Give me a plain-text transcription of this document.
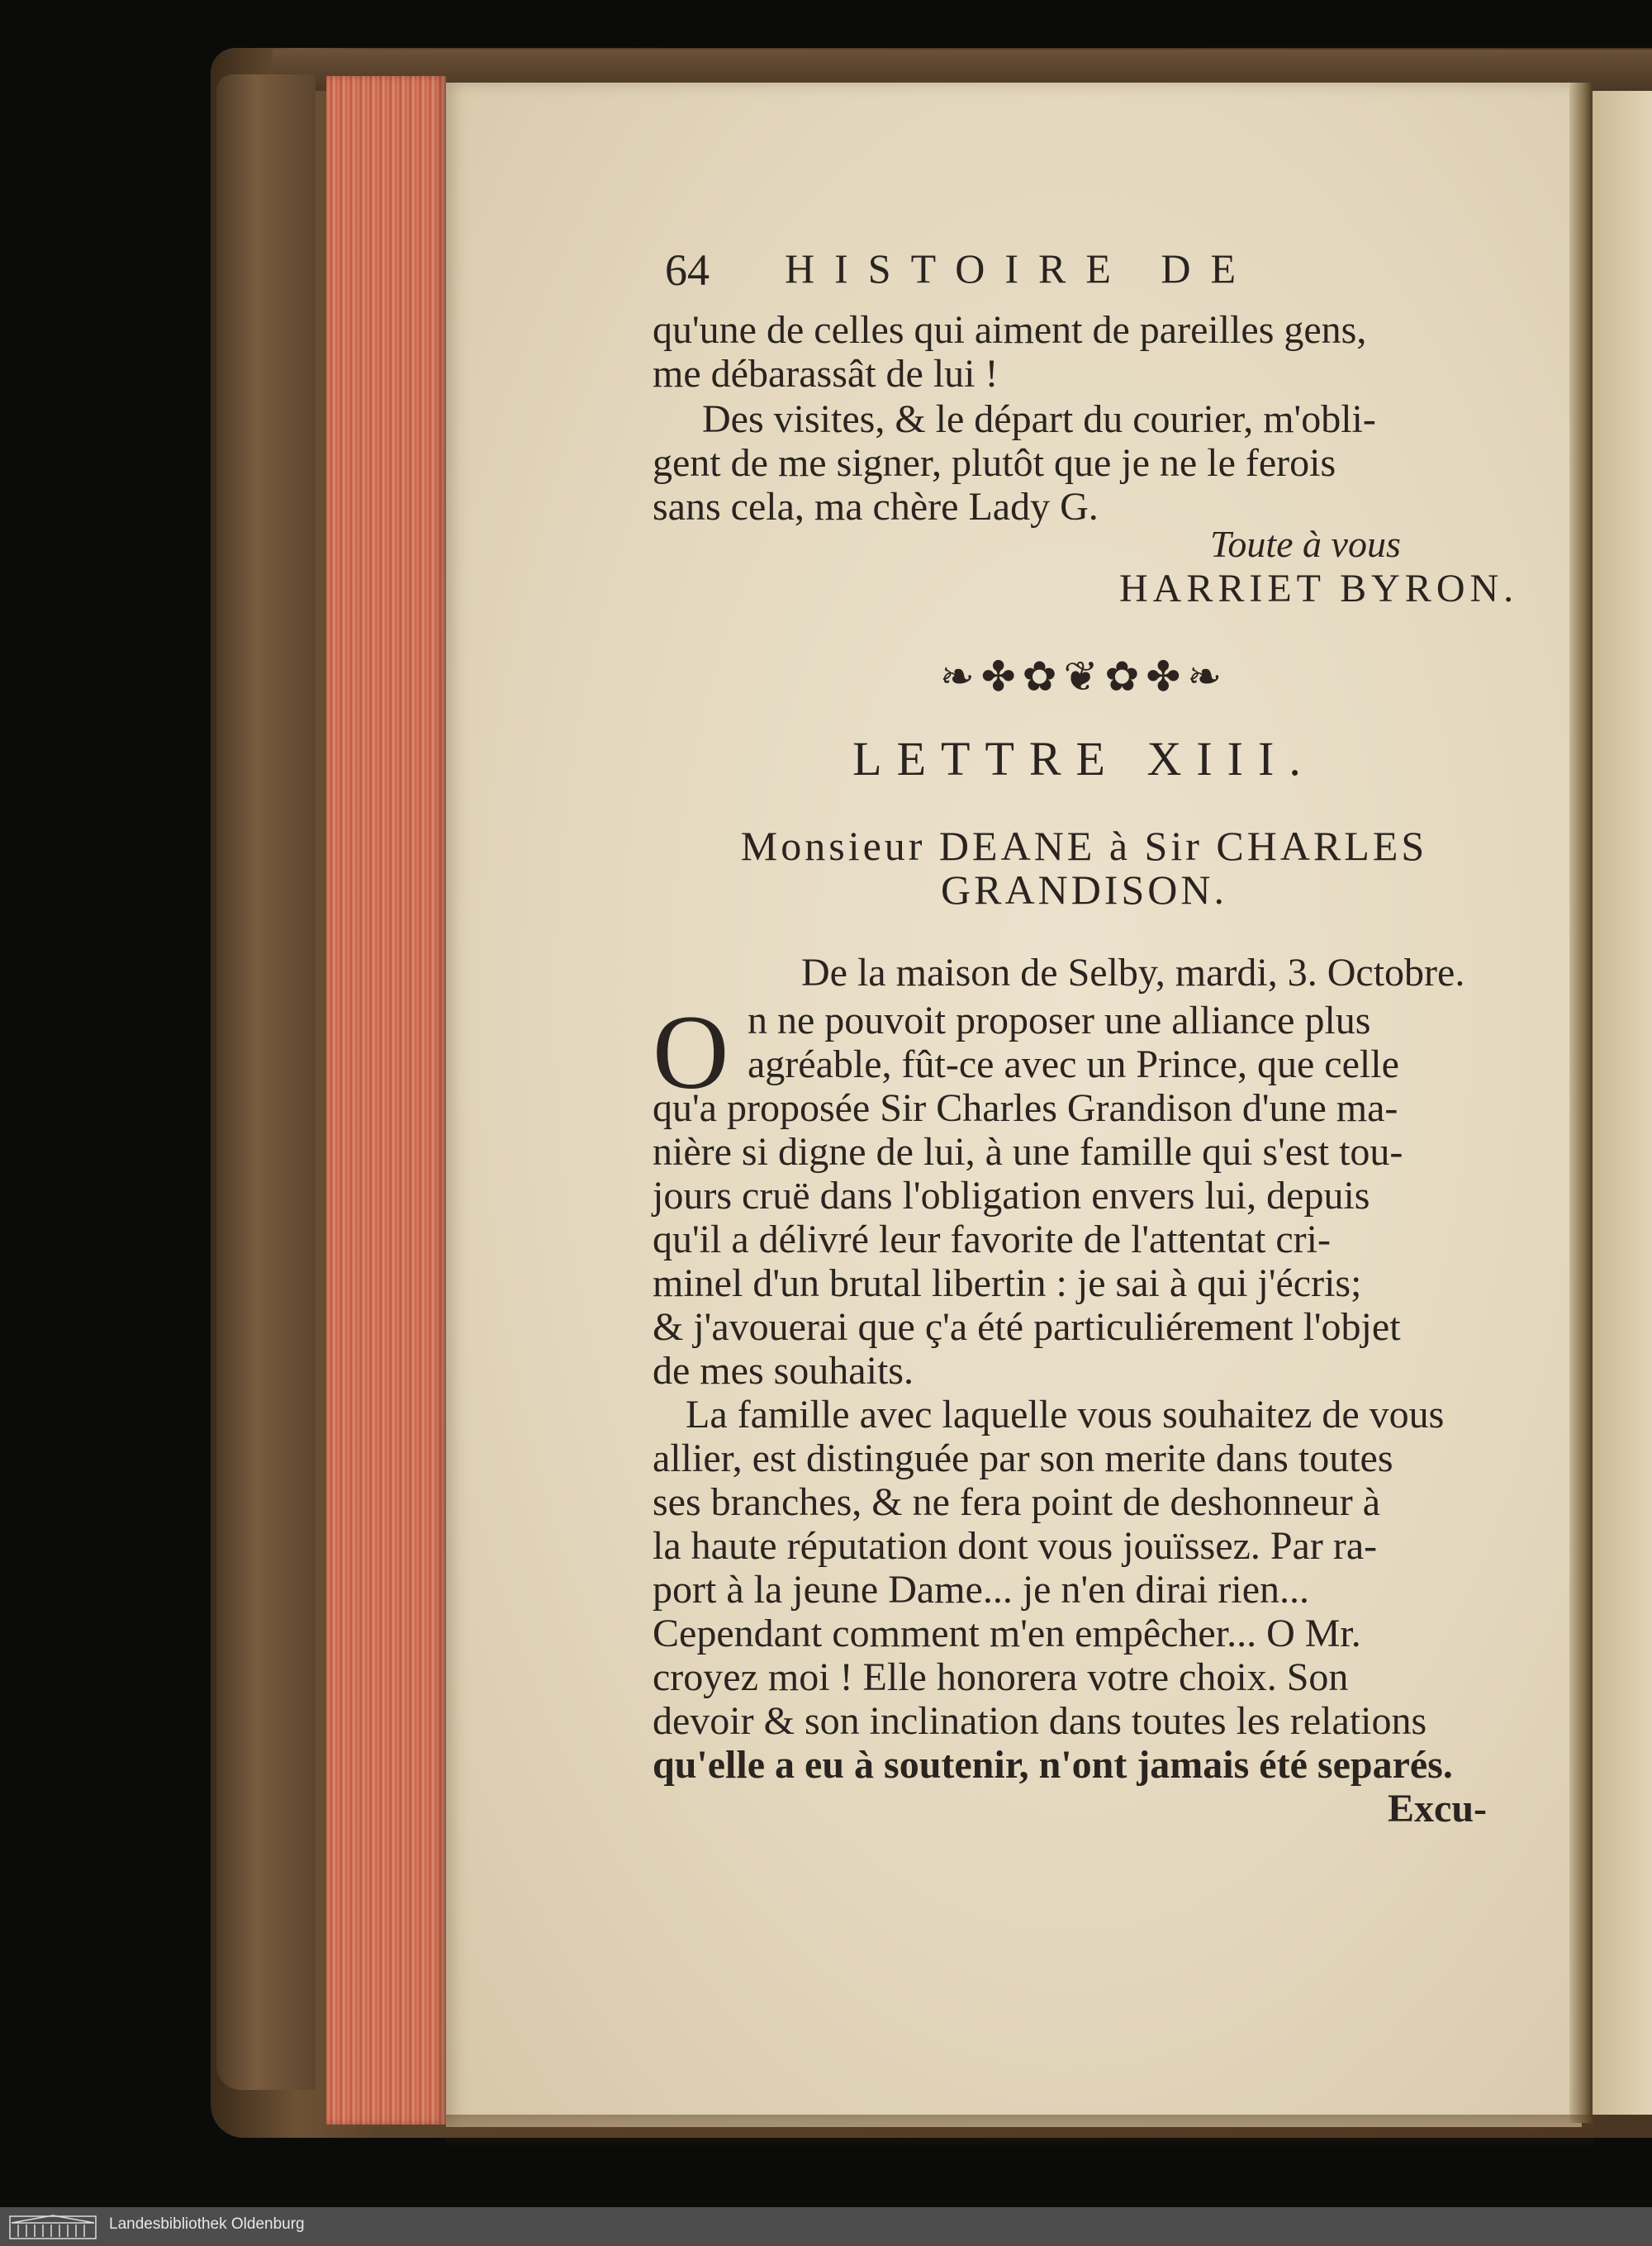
64 HISTOIRE DE
qu'une de celles qui aiment de pareilles gens,
me débarassât de lui !
Des visites, & le départ du courier, m'obli-
gent de me signer, plutôt que je ne le ferois
sans cela, ma chère Lady G.
Toute à vous
HARRIET BYRON.
❧✤✿❦✿✤❧
LETTRE XIII.
Monsieur DEANE à Sir CHARLES
GRANDISON.
De la maison de Selby, mardi, 3. Octobre.
O n ne pouvoit proposer une alliance plus
agréable, fût-ce avec un Prince, que celle
qu'a proposée Sir Charles Grandison d'une ma-
nière si digne de lui, à une famille qui s'est tou-
jours cruë dans l'obligation envers lui, depuis
qu'il a délivré leur favorite de l'attentat cri-
minel d'un brutal libertin : je sai à qui j'écris;
& j'avouerai que ç'a été particuliérement l'objet
de mes souhaits.
La famille avec laquelle vous souhaitez de vous
allier, est distinguée par son merite dans toutes
ses branches, & ne fera point de deshonneur à
la haute réputation dont vous jouïssez. Par ra-
port à la jeune Dame... je n'en dirai rien...
Cependant comment m'en empêcher... O Mr.
croyez moi ! Elle honorera votre choix. Son
devoir & son inclination dans toutes les relations
qu'elle a eu à soutenir, n'ont jamais été separés.
Excu-
Landesbibliothek Oldenburg
